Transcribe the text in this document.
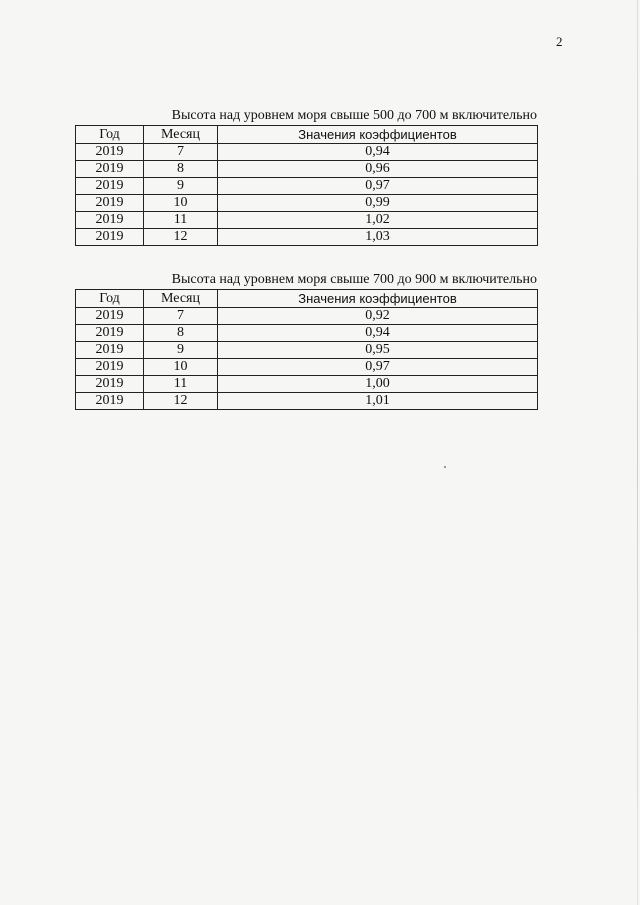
2
Высота над уровнем моря свыше 500 до 700 м включительно
Год	Месяц	Значения коэффициентов
2019	7	0,94
2019	8	0,96
2019	9	0,97
2019	10	0,99
2019	11	1,02
2019	12	1,03
Высота над уровнем моря свыше 700 до 900 м включительно
Год	Месяц	Значения коэффициентов
2019	7	0,92
2019	8	0,94
2019	9	0,95
2019	10	0,97
2019	11	1,00
2019	12	1,01
